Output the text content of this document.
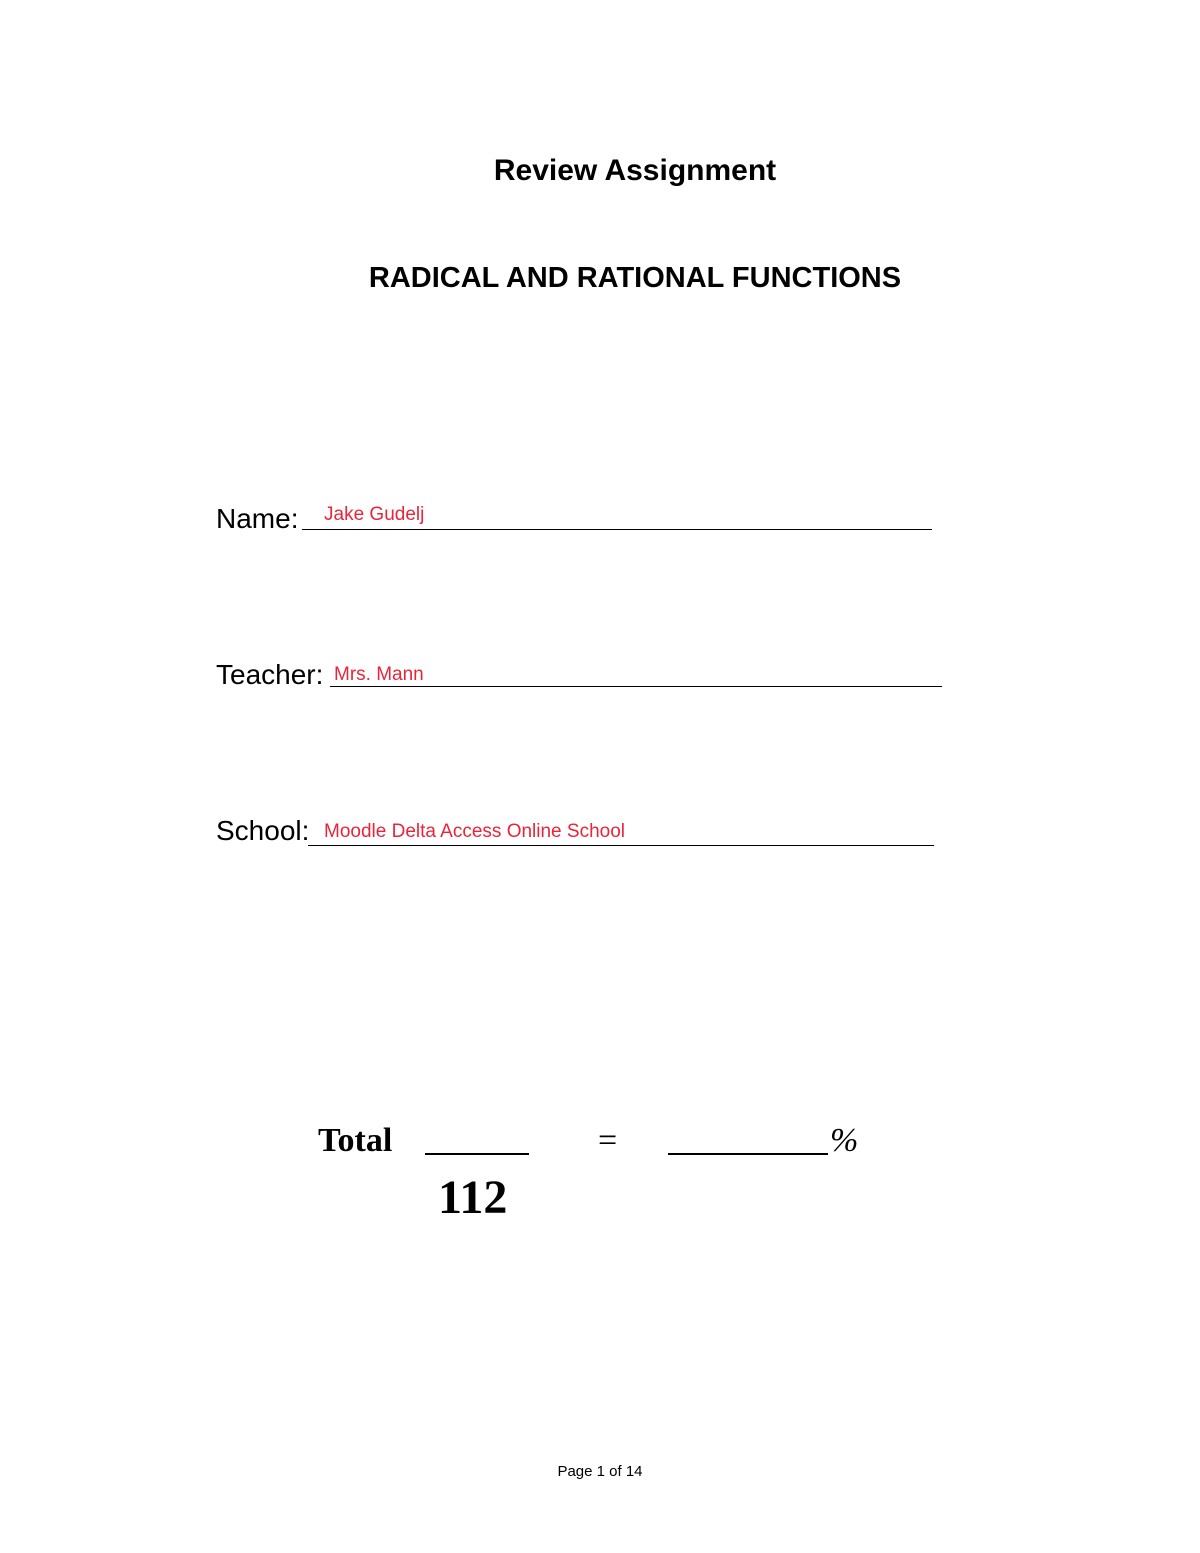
Review Assignment
RADICAL AND RATIONAL FUNCTIONS
Name: Jake Gudelj
Teacher: Mrs. Mann
School: Moodle Delta Access Online School
Total	=	%
112
Page 1 of 14
